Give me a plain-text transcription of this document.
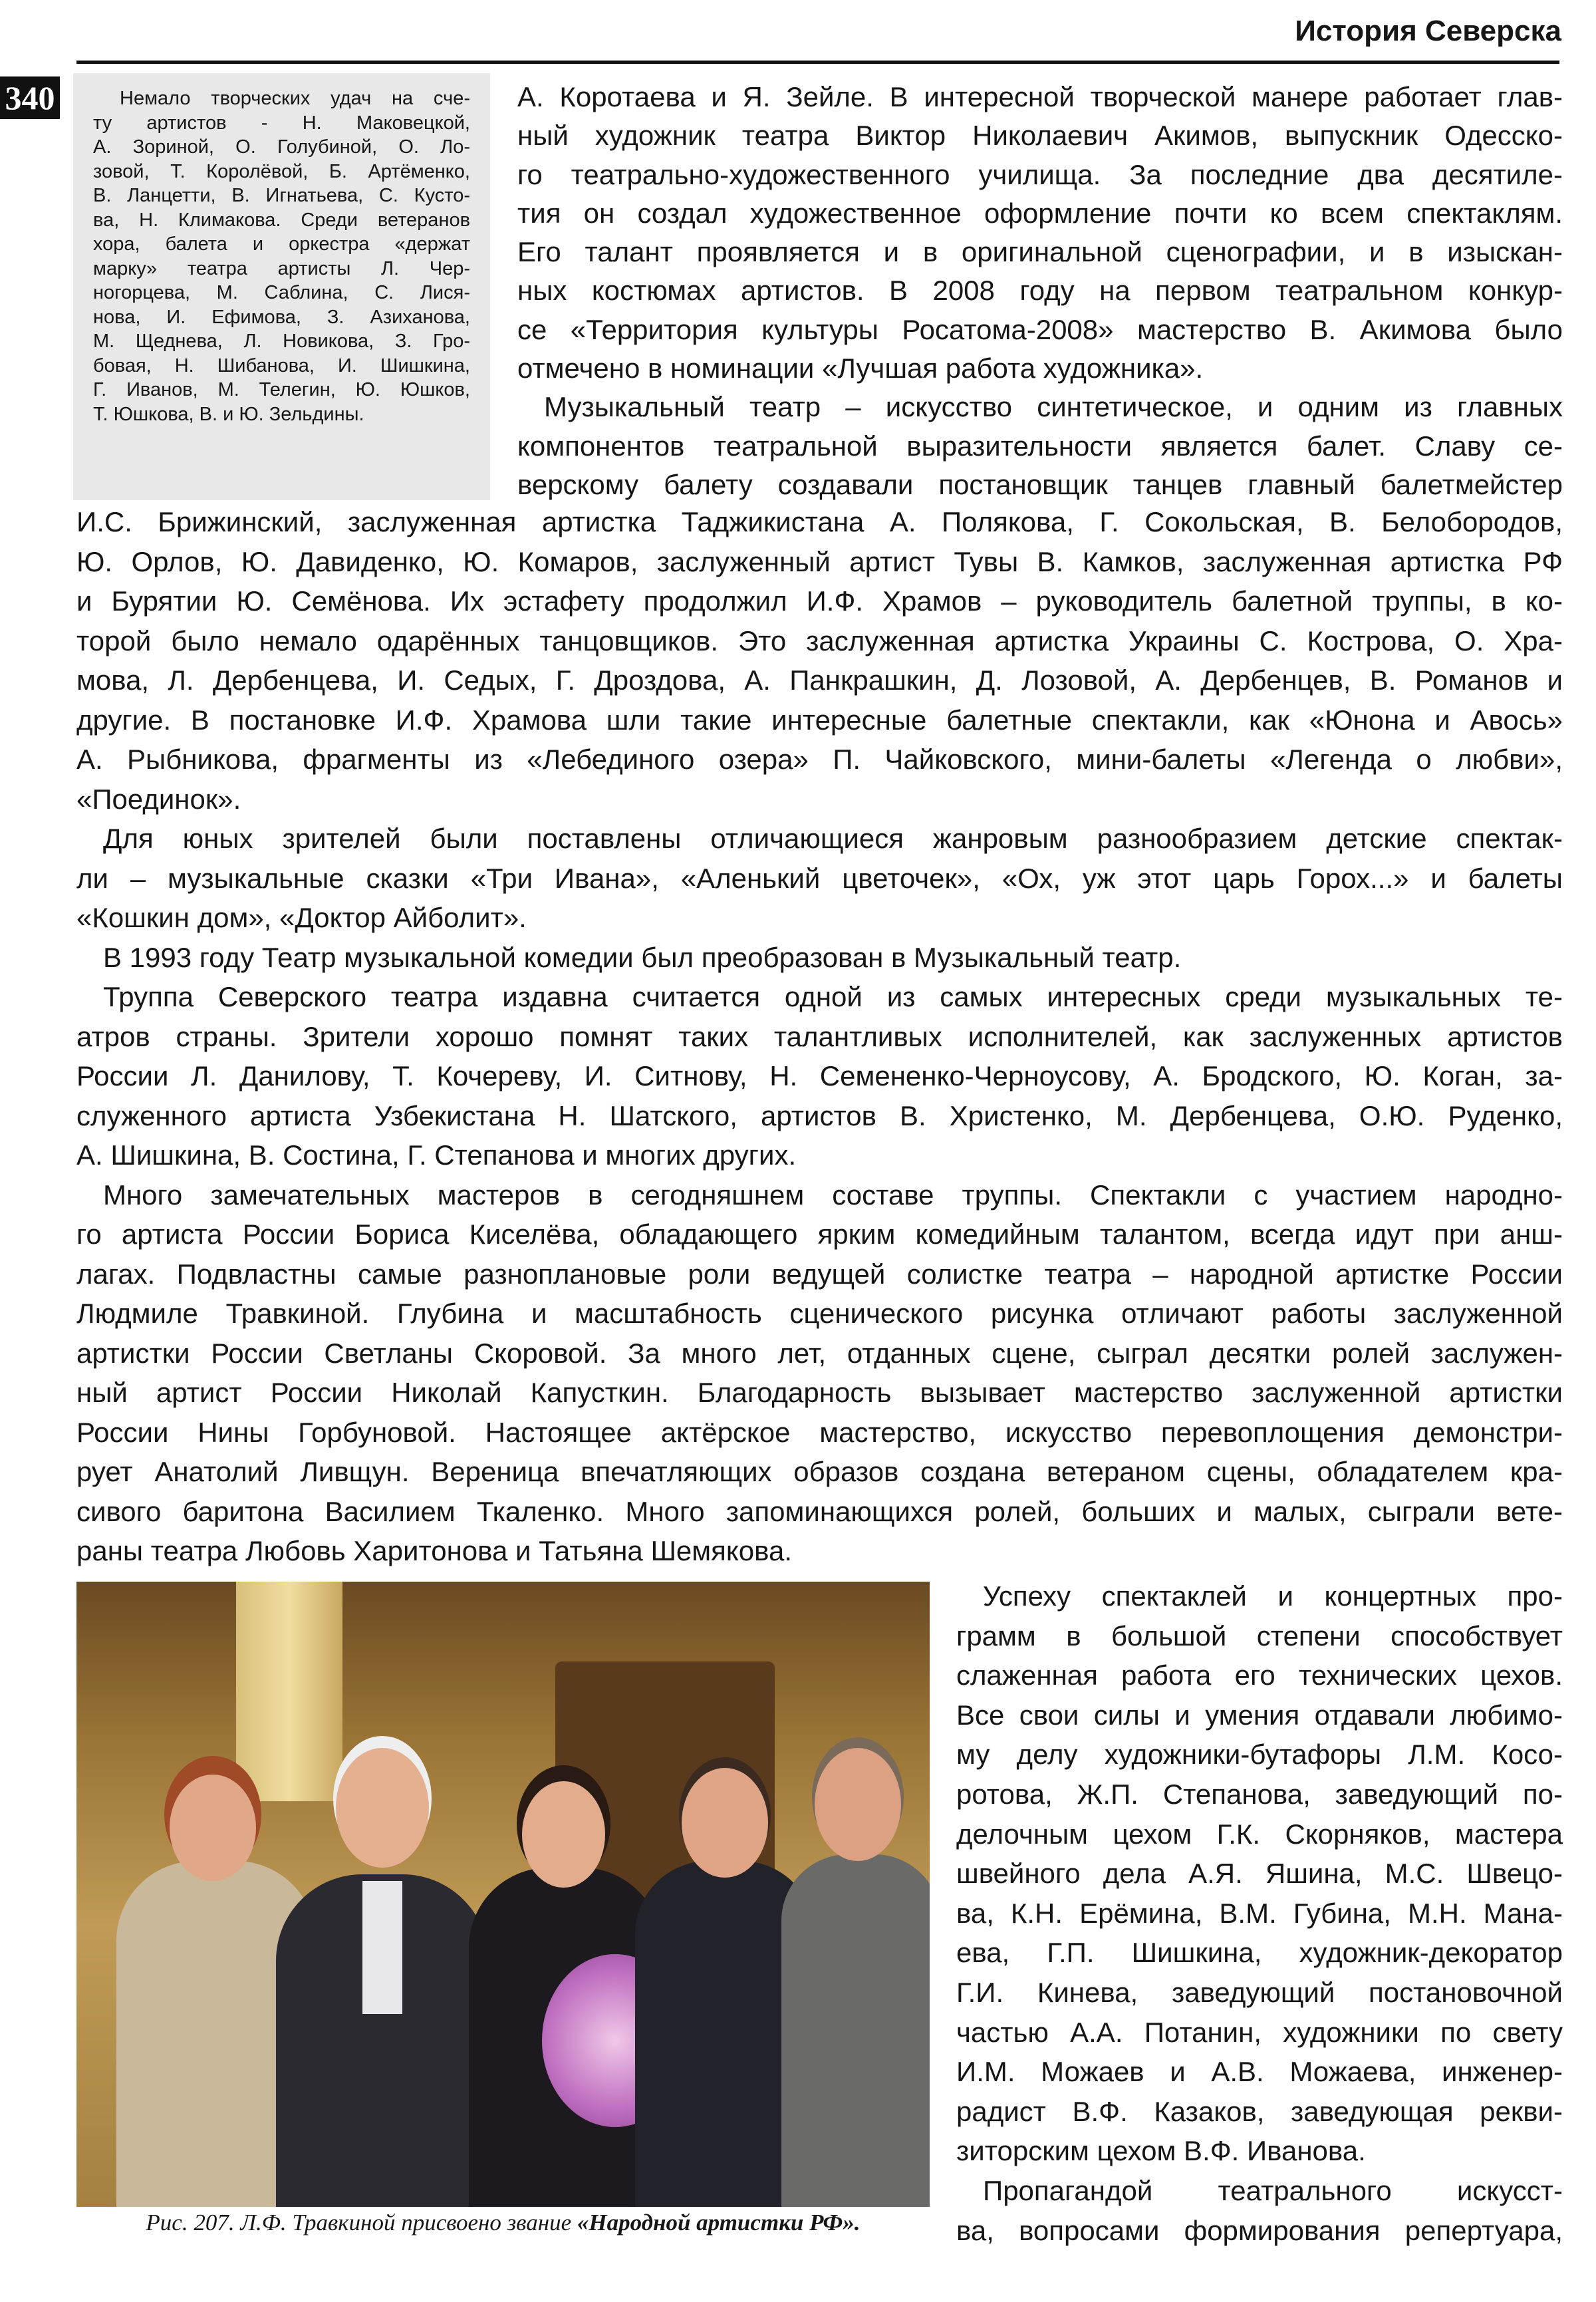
История Северска
340	Немало творческих удач на сче-
ту артистов - Н. Маковецкой,
А. Зориной, О. Голубиной, О. Ло-
зовой, Т. Королёвой, Б. Артёменко,
В. Ланцетти, В. Игнатьева, С. Кусто-
ва, Н. Климакова. Среди ветеранов
хора, балета и оркестра «держат
марку» театра артисты Л. Чер-
ногорцева, М. Саблина, С. Лися-
нова, И. Ефимова, З. Азиханова,
М. Щеднева, Л. Новикова, З. Гро-
бовая, Н. Шибанова, И. Шишкина,
Г. Иванов, М. Телегин, Ю. Юшков,
Т. Юшкова, В. и Ю. Зельдины.
А. Коротаева и Я. Зейле. В интересной творческой манере работает глав-
ный художник театра Виктор Николаевич Акимов, выпускник Одесско-
го театрально-художественного училища. За последние два десятиле-
тия он создал художественное оформление почти ко всем спектаклям.
Его талант проявляется и в оригинальной сценографии, и в изыскан-
ных костюмах артистов. В 2008 году на первом театральном конкур-
се «Территория культуры Росатома-2008» мастерство В. Акимова было
отмечено в номинации «Лучшая работа художника».
Музыкальный театр – искусство синтетическое, и одним из главных
компонентов театральной выразительности является балет. Славу се-
верскому балету создавали постановщик танцев главный балетмейстер
И.С. Брижинский, заслуженная артистка Таджикистана А. Полякова, Г. Сокольская, В. Белобородов,
Ю. Орлов, Ю. Давиденко, Ю. Комаров, заслуженный артист Тувы В. Камков, заслуженная артистка РФ
и Бурятии Ю. Семёнова. Их эстафету продолжил И.Ф. Храмов – руководитель балетной труппы, в ко-
торой было немало одарённых танцовщиков. Это заслуженная артистка Украины С. Кострова, О. Хра-
мова, Л. Дербенцева, И. Седых, Г. Дроздова, А. Панкрашкин, Д. Лозовой, А. Дербенцев, В. Романов и
другие. В постановке И.Ф. Храмова шли такие интересные балетные спектакли, как «Юнона и Авось»
А. Рыбникова, фрагменты из «Лебединого озера» П. Чайковского, мини-балеты «Легенда о любви»,
«Поединок».
Для юных зрителей были поставлены отличающиеся жанровым разнообразием детские спектак-
ли – музыкальные сказки «Три Ивана», «Аленький цветочек», «Ох, уж этот царь Горох...» и балеты
«Кошкин дом», «Доктор Айболит».
В 1993 году Театр музыкальной комедии был преобразован в Музыкальный театр.
Труппа Северского театра издавна считается одной из самых интересных среди музыкальных те-
атров страны. Зрители хорошо помнят таких талантливых исполнителей, как заслуженных артистов
России Л. Данилову, Т. Кочереву, И. Ситнову, Н. Семененко-Черноусову, А. Бродского, Ю. Коган, за-
служенного артиста Узбекистана Н. Шатского, артистов В. Христенко, М. Дербенцева, О.Ю. Руденко,
А. Шишкина, В. Состина, Г. Степанова и многих других.
Много замечательных мастеров в сегодняшнем составе труппы. Спектакли с участием народно-
го артиста России Бориса Киселёва, обладающего ярким комедийным талантом, всегда идут при анш-
лагах. Подвластны самые разноплановые роли ведущей солистке театра – народной артистке России
Людмиле Травкиной. Глубина и масштабность сценического рисунка отличают работы заслуженной
артистки России Светланы Скоровой. За много лет, отданных сцене, сыграл десятки ролей заслужен-
ный артист России Николай Капусткин. Благодарность вызывает мастерство заслуженной артистки
России Нины Горбуновой. Настоящее актёрское мастерство, искусство перевоплощения демонстри-
рует Анатолий Ливщун. Вереница впечатляющих образов создана ветераном сцены, обладателем кра-
сивого баритона Василием Ткаленко. Много запоминающихся ролей, больших и малых, сыграли вете-
раны театра Любовь Харитонова и Татьяна Шемякова.
Рис. 207. Л.Ф. Травкиной присвоено звание «Народной артистки РФ».
Успеху спектаклей и концертных про-
грамм в большой степени способствует
слаженная работа его технических цехов.
Все свои силы и умения отдавали любимо-
му делу художники-бутафоры Л.М. Косо-
ротова, Ж.П. Степанова, заведующий по-
делочным цехом Г.К. Скорняков, мастера
швейного дела А.Я. Яшина, М.С. Швецо-
ва, К.Н. Ерёмина, В.М. Губина, М.Н. Мана-
ева, Г.П. Шишкина, художник-декоратор
Г.И. Кинева, заведующий постановочной
частью А.А. Потанин, художники по свету
И.М. Можаев и А.В. Можаева, инженер-
радист В.Ф. Казаков, заведующая рекви-
зиторским цехом В.Ф. Иванова.
Пропагандой театрального искусст-
ва, вопросами формирования репертуара,
